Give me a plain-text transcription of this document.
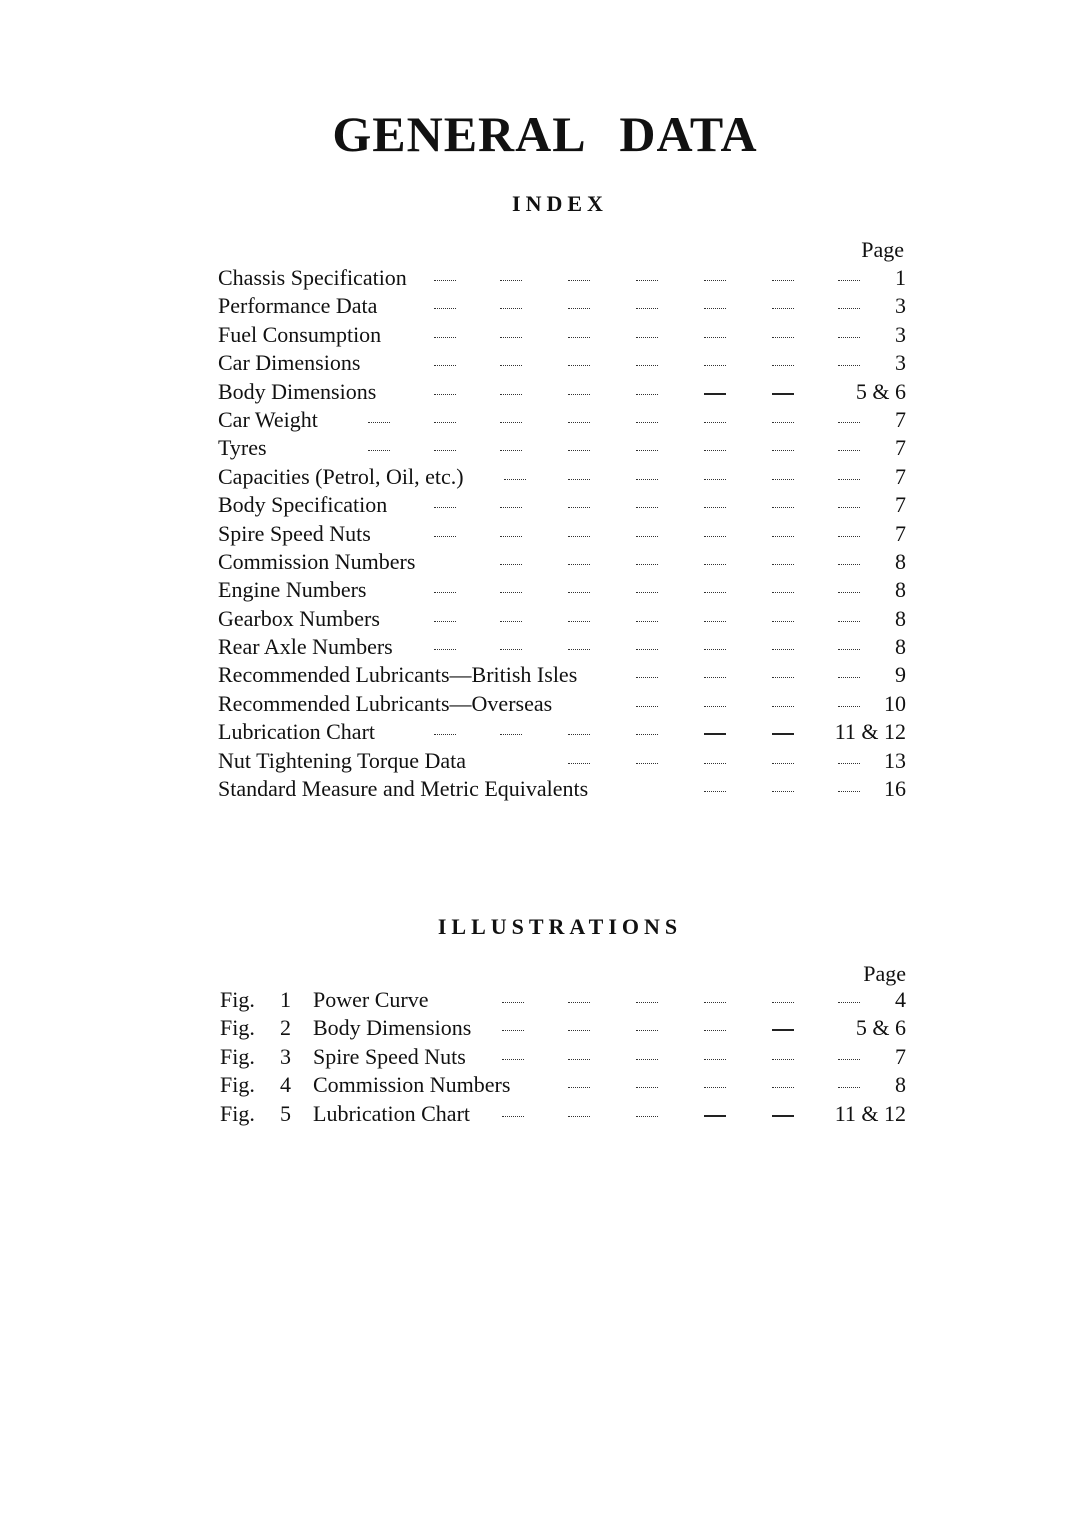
GENERAL DATA
INDEX
Page
Chassis Specification	1
Performance Data	3
Fuel Consumption	3
Car Dimensions	3
Body Dimensions	5 & 6
Car Weight	7
Tyres	7
Capacities (Petrol, Oil, etc.)	7
Body Specification	7
Spire Speed Nuts	7
Commission Numbers	8
Engine Numbers	8
Gearbox Numbers	8
Rear Axle Numbers	8
Recommended Lubricants—British Isles	9
Recommended Lubricants—Overseas	10
Lubrication Chart	11 & 12
Nut Tightening Torque Data	13
Standard Measure and Metric Equivalents	16
ILLUSTRATIONS
Page
Fig. 1 Power Curve	4
Fig. 2 Body Dimensions	5 & 6
Fig. 3 Spire Speed Nuts	7
Fig. 4 Commission Numbers	8
Fig. 5 Lubrication Chart	11 & 12
